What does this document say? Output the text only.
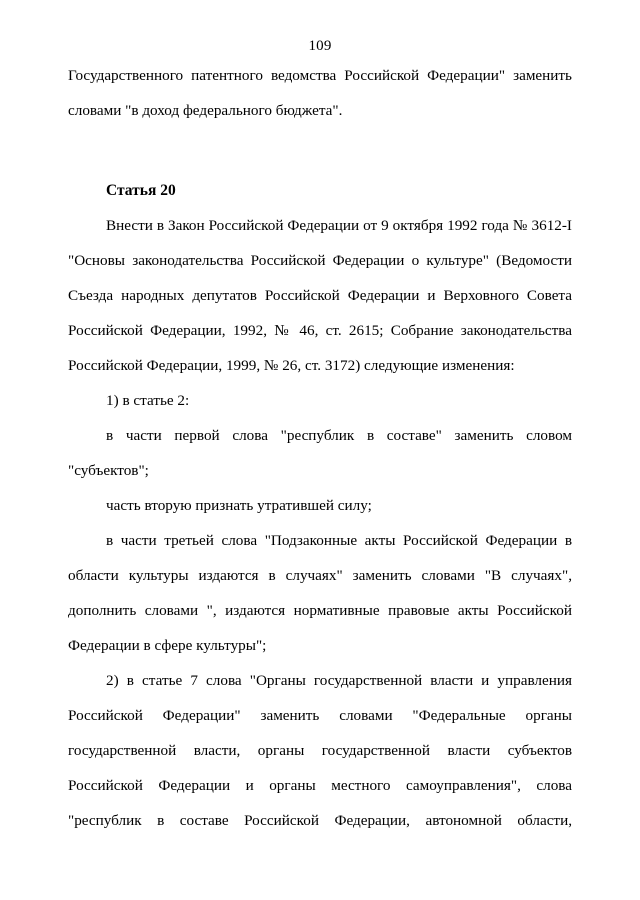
109
Государственного патентного ведомства Российской Федерации" заменить
словами "в доход федерального бюджета".
Статья 20
Внести в Закон Российской Федерации от 9 октября 1992 года № 3612-I
"Основы законодательства Российской Федерации о культуре" (Ведомости
Съезда народных депутатов Российской Федерации и Верховного Совета
Российской Федерации, 1992, № 46, ст. 2615; Собрание законодательства
Российской Федерации, 1999, № 26, ст. 3172) следующие изменения:
1) в статье 2:
в части первой слова "республик в составе" заменить словом
"субъектов";
часть вторую признать утратившей силу;
в части третьей слова "Подзаконные акты Российской Федерации в
области культуры издаются в случаях" заменить словами "В случаях",
дополнить словами ", издаются нормативные правовые акты Российской
Федерации в сфере культуры";
2) в статье 7 слова "Органы государственной власти и управления
Российской Федерации" заменить словами "Федеральные органы
государственной власти, органы государственной власти субъектов
Российской Федерации и органы местного самоуправления", слова
"республик в составе Российской Федерации, автономной области,
